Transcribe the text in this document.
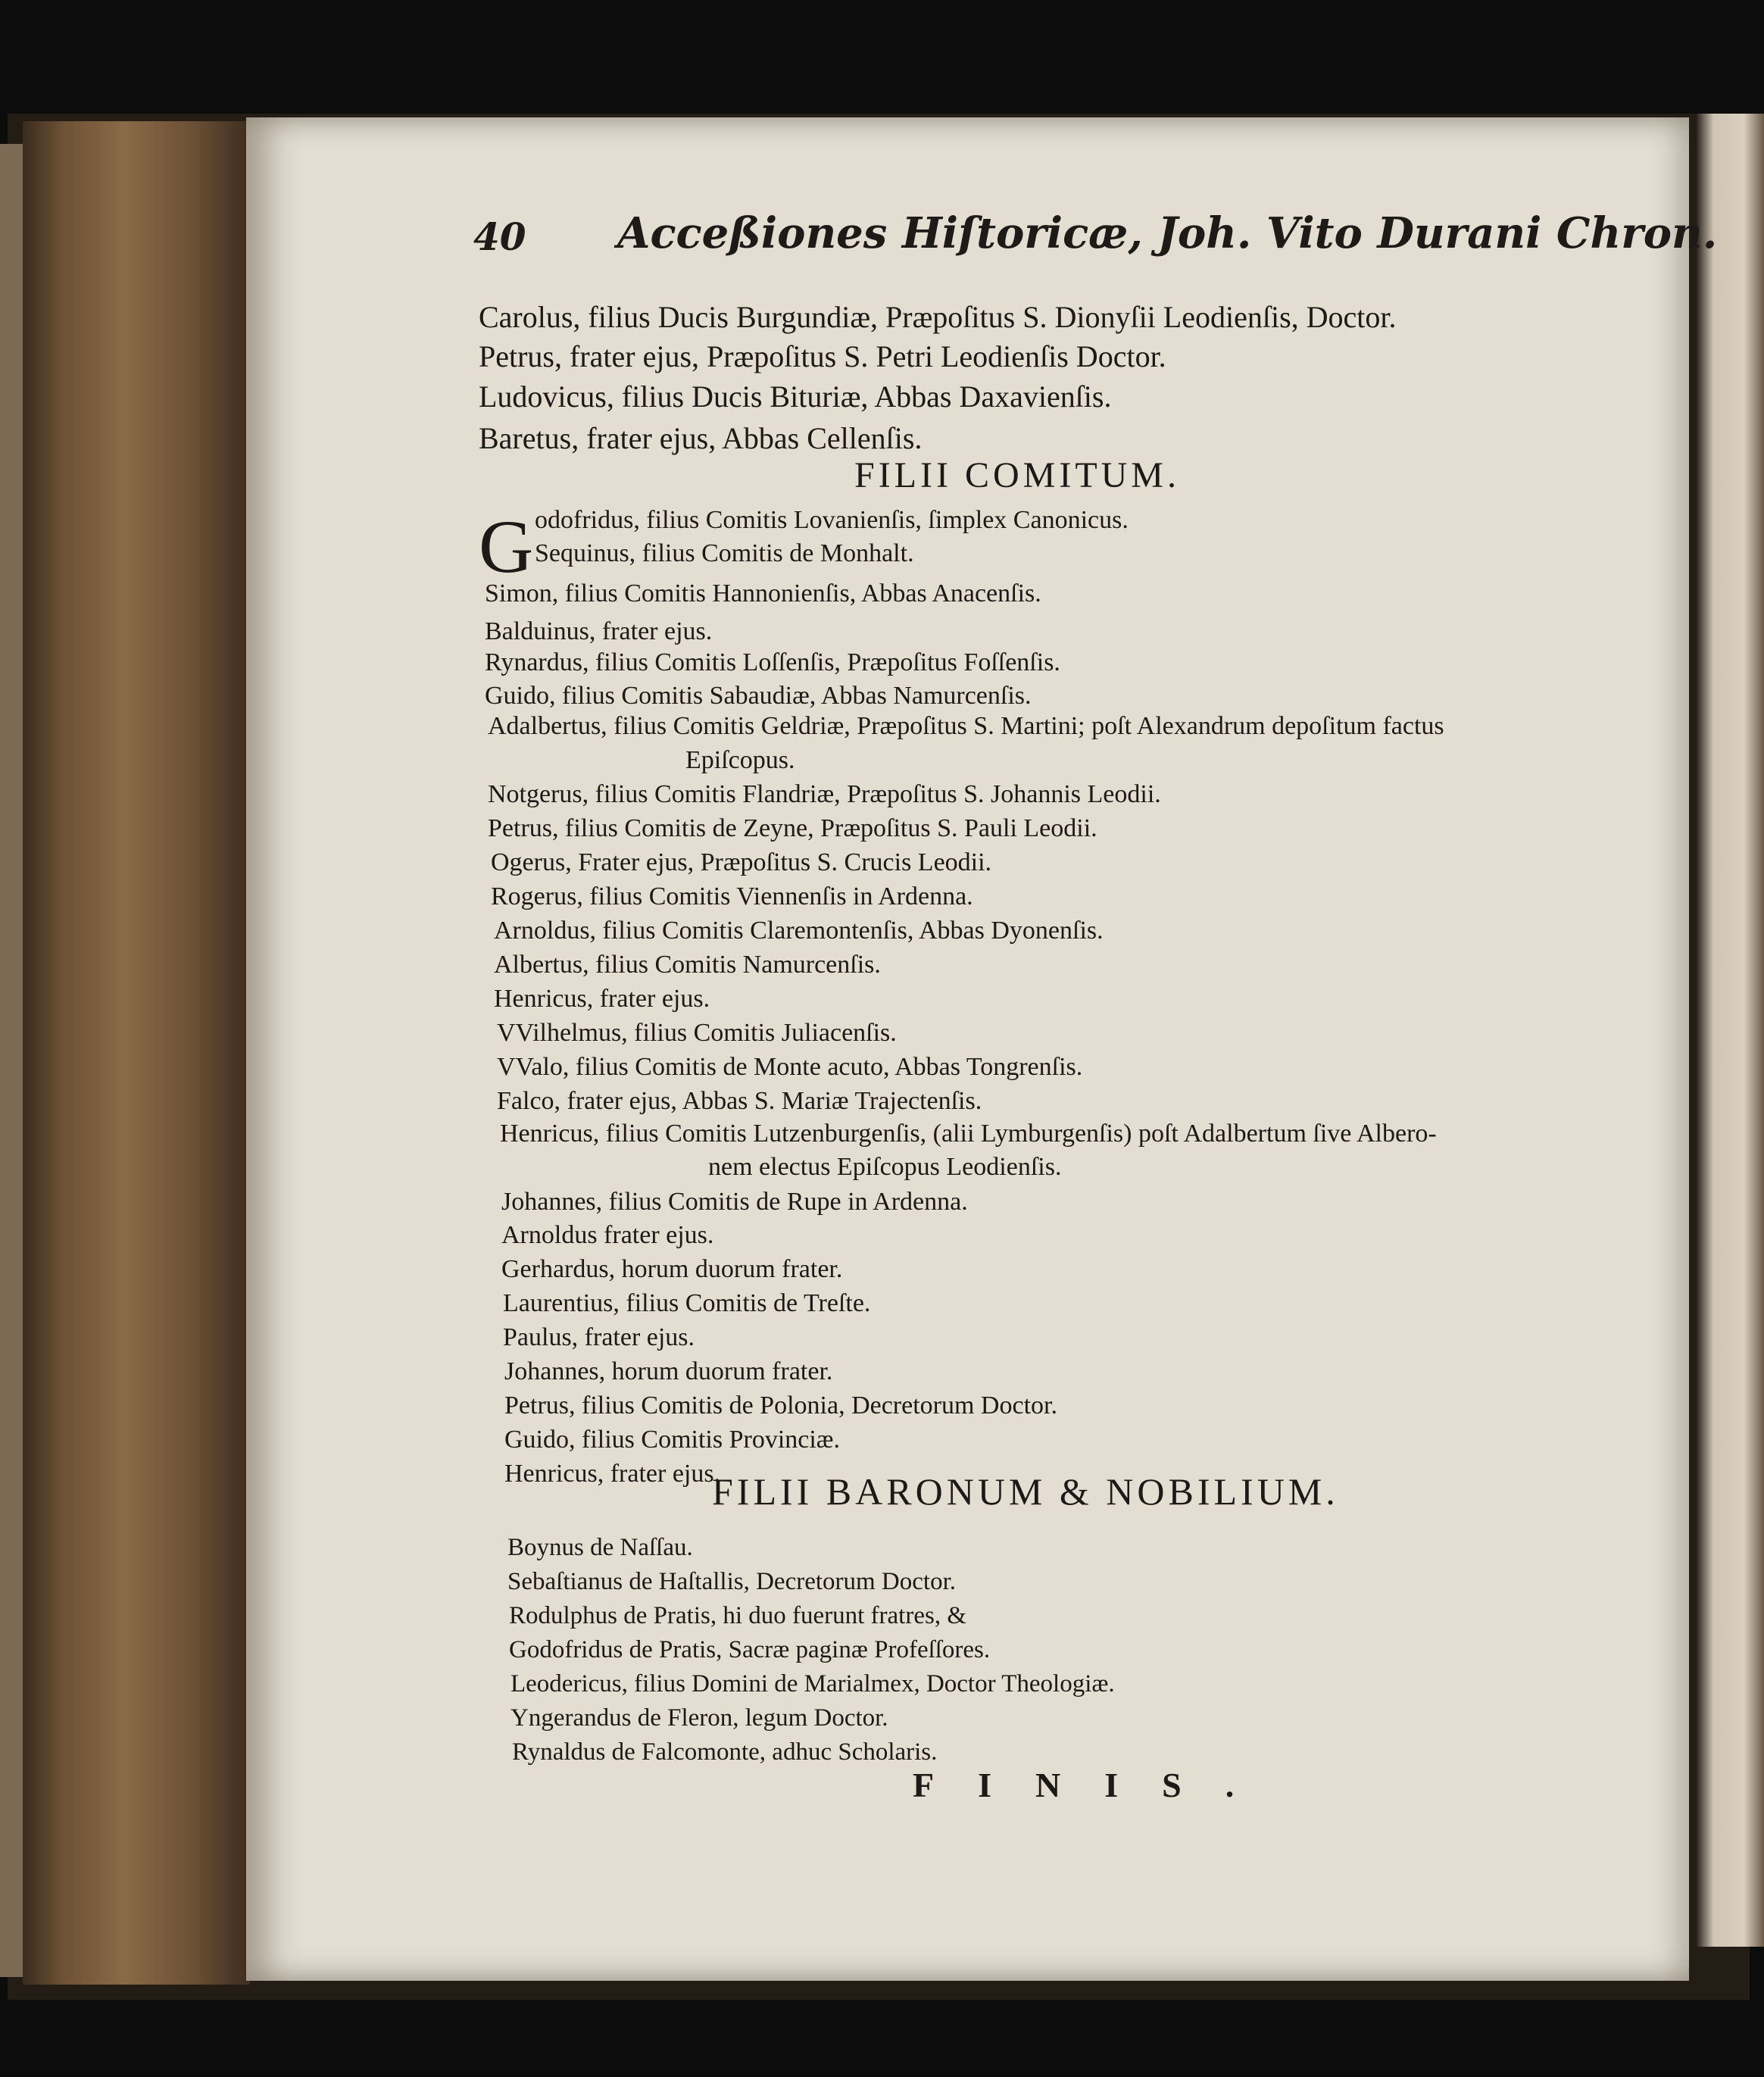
40 Acceßiones Hiſtoricæ, Joh. Vito Durani Chron.
Carolus, filius Ducis Burgundiæ, Præpoſitus S. Dionyſii Leodienſis, Doctor.
Petrus, frater ejus, Præpoſitus S. Petri Leodienſis Doctor.
Ludovicus, filius Ducis Bituriæ, Abbas Daxavienſis.
Baretus, frater ejus, Abbas Cellenſis.
FILII COMITUM.
G odofridus, filius Comitis Lovanienſis, ſimplex Canonicus.
Sequinus, filius Comitis de Monhalt.
Simon, filius Comitis Hannonienſis, Abbas Anacenſis.
Balduinus, frater ejus.
Rynardus, filius Comitis Loſſenſis, Præpoſitus Foſſenſis.
Guido, filius Comitis Sabaudiæ, Abbas Namurcenſis.
Adalbertus, filius Comitis Geldriæ, Præpoſitus S. Martini; poſt Alexandrum depoſitum factus
Epiſcopus.
Notgerus, filius Comitis Flandriæ, Præpoſitus S. Johannis Leodii.
Petrus, filius Comitis de Zeyne, Præpoſitus S. Pauli Leodii.
Ogerus, Frater ejus, Præpoſitus S. Crucis Leodii.
Rogerus, filius Comitis Viennenſis in Ardenna.
Arnoldus, filius Comitis Claremontenſis, Abbas Dyonenſis.
Albertus, filius Comitis Namurcenſis.
Henricus, frater ejus.
VVilhelmus, filius Comitis Juliacenſis.
VValo, filius Comitis de Monte acuto, Abbas Tongrenſis.
Falco, frater ejus, Abbas S. Mariæ Trajectenſis.
Henricus, filius Comitis Lutzenburgenſis, (alii Lymburgenſis) poſt Adalbertum ſive Albero-
nem electus Epiſcopus Leodienſis.
Johannes, filius Comitis de Rupe in Ardenna.
Arnoldus frater ejus.
Gerhardus, horum duorum frater.
Laurentius, filius Comitis de Treſte.
Paulus, frater ejus.
Johannes, horum duorum frater.
Petrus, filius Comitis de Polonia, Decretorum Doctor.
Guido, filius Comitis Provinciæ.
Henricus, frater ejus.
FILII BARONUM & NOBILIUM.
Boynus de Naſſau.
Sebaſtianus de Haſtallis, Decretorum Doctor.
Rodulphus de Pratis, hi duo fuerunt fratres, &
Godofridus de Pratis, Sacræ paginæ Profeſſores.
Leodericus, filius Domini de Marialmex, Doctor Theologiæ.
Yngerandus de Fleron, legum Doctor.
Rynaldus de Falcomonte, adhuc Scholaris.
FINIS.
